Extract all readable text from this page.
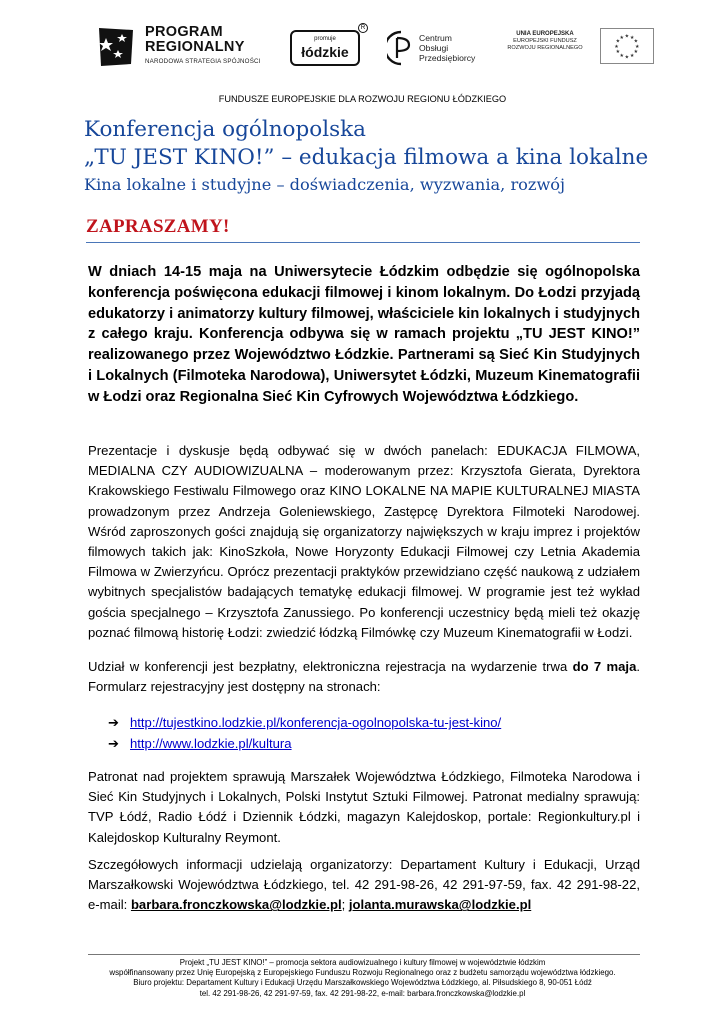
PROGRAM
REGIONALNY
NARODOWA STRATEGIA SPÓJNOŚCI
promuje
łódzkie
R
Centrum
Obsługi
Przedsiębiorcy
UNIA EUROPEJSKA
EUROPEJSKI FUNDUSZ
ROZWOJU REGIONALNEGO	★
★
★
★
★
★
★
★
★ ★ ★
★
FUNDUSZE EUROPEJSKIE DLA ROZWOJU REGIONU ŁÓDZKIEGO
Konferencja ogólnopolska
„TU JEST KINO!” – edukacja filmowa a kina lokalne
Kina lokalne i studyjne – doświadczenia, wyzwania, rozwój
ZAPRASZAMY!
W dniach 14-15 maja na Uniwersytecie Łódzkim odbędzie się ogólnopolska konferencja poświęcona edukacji filmowej i kinom lokalnym. Do Łodzi przyjadą edukatorzy i animatorzy kultury filmowej, właściciele kin lokalnych i studyjnych z całego kraju. Konferencja odbywa się w ramach projektu „TU JEST KINO!” realizowanego przez Województwo Łódzkie. Partnerami są Sieć Kin Studyjnych i Lokalnych (Filmoteka Narodowa), Uniwersytet Łódzki, Muzeum Kinematografii w Łodzi oraz Regionalna Sieć Kin Cyfrowych Województwa Łódzkiego.
Prezentacje i dyskusje będą odbywać się w dwóch panelach: EDUKACJA FILMOWA, MEDIALNA CZY AUDIOWIZUALNA – moderowanym przez: Krzysztofa Gierata, Dyrektora Krakowskiego Festiwalu Filmowego oraz KINO LOKALNE NA MAPIE KULTURALNEJ MIASTA prowadzonym przez Andrzeja Goleniewskiego, Zastępcę Dyrektora Filmoteki Narodowej. Wśród zaproszonych gości znajdują się organizatorzy największych w kraju imprez i projektów filmowych takich jak: KinoSzkoła, Nowe Horyzonty Edukacji Filmowej czy Letnia Akademia Filmowa w Zwierzyńcu. Oprócz prezentacji praktyków przewidziano część naukową z udziałem wybitnych specjalistów badających tematykę edukacji filmowej. W programie jest też wykład gościa specjalnego – Krzysztofa Zanussiego. Po konferencji uczestnicy będą mieli też okazję poznać filmową historię Łodzi: zwiedzić łódzką Filmówkę czy Muzeum Kinematografii w Łodzi.
Udział w konferencji jest bezpłatny, elektroniczna rejestracja na wydarzenie trwa do 7 maja. Formularz rejestracyjny jest dostępny na stronach:
➔ http://tujestkino.lodzkie.pl/konferencja-ogolnopolska-tu-jest-kino/
➔ http://www.lodzkie.pl/kultura
Patronat nad projektem sprawują Marszałek Województwa Łódzkiego, Filmoteka Narodowa i Sieć Kin Studyjnych i Lokalnych, Polski Instytut Sztuki Filmowej. Patronat medialny sprawują: TVP Łódź, Radio Łódź i Dziennik Łódzki, magazyn Kalejdoskop, portale: Regionkultury.pl i Kalejdoskop Kulturalny Reymont.
Szczegółowych informacji udzielają organizatorzy: Departament Kultury i Edukacji, Urząd Marszałkowski Województwa Łódzkiego, tel. 42 291-98-26, 42 291-97-59, fax. 42 291-98-22, e-mail: barbara.fronczkowska@lodzkie.pl; jolanta.murawska@lodzkie.pl
Projekt „TU JEST KINO!” – promocja sektora audiowizualnego i kultury filmowej w województwie łódzkim
współfinansowany przez Unię Europejską z Europejskiego Funduszu Rozwoju Regionalnego oraz z budżetu samorządu województwa łódzkiego.
Biuro projektu: Departament Kultury i Edukacji Urzędu Marszałkowskiego Województwa Łódzkiego, al. Piłsudskiego 8, 90-051 Łódź
tel. 42 291-98-26, 42 291-97-59, fax. 42 291-98-22, e-mail: barbara.fronczkowska@lodzkie.pl
